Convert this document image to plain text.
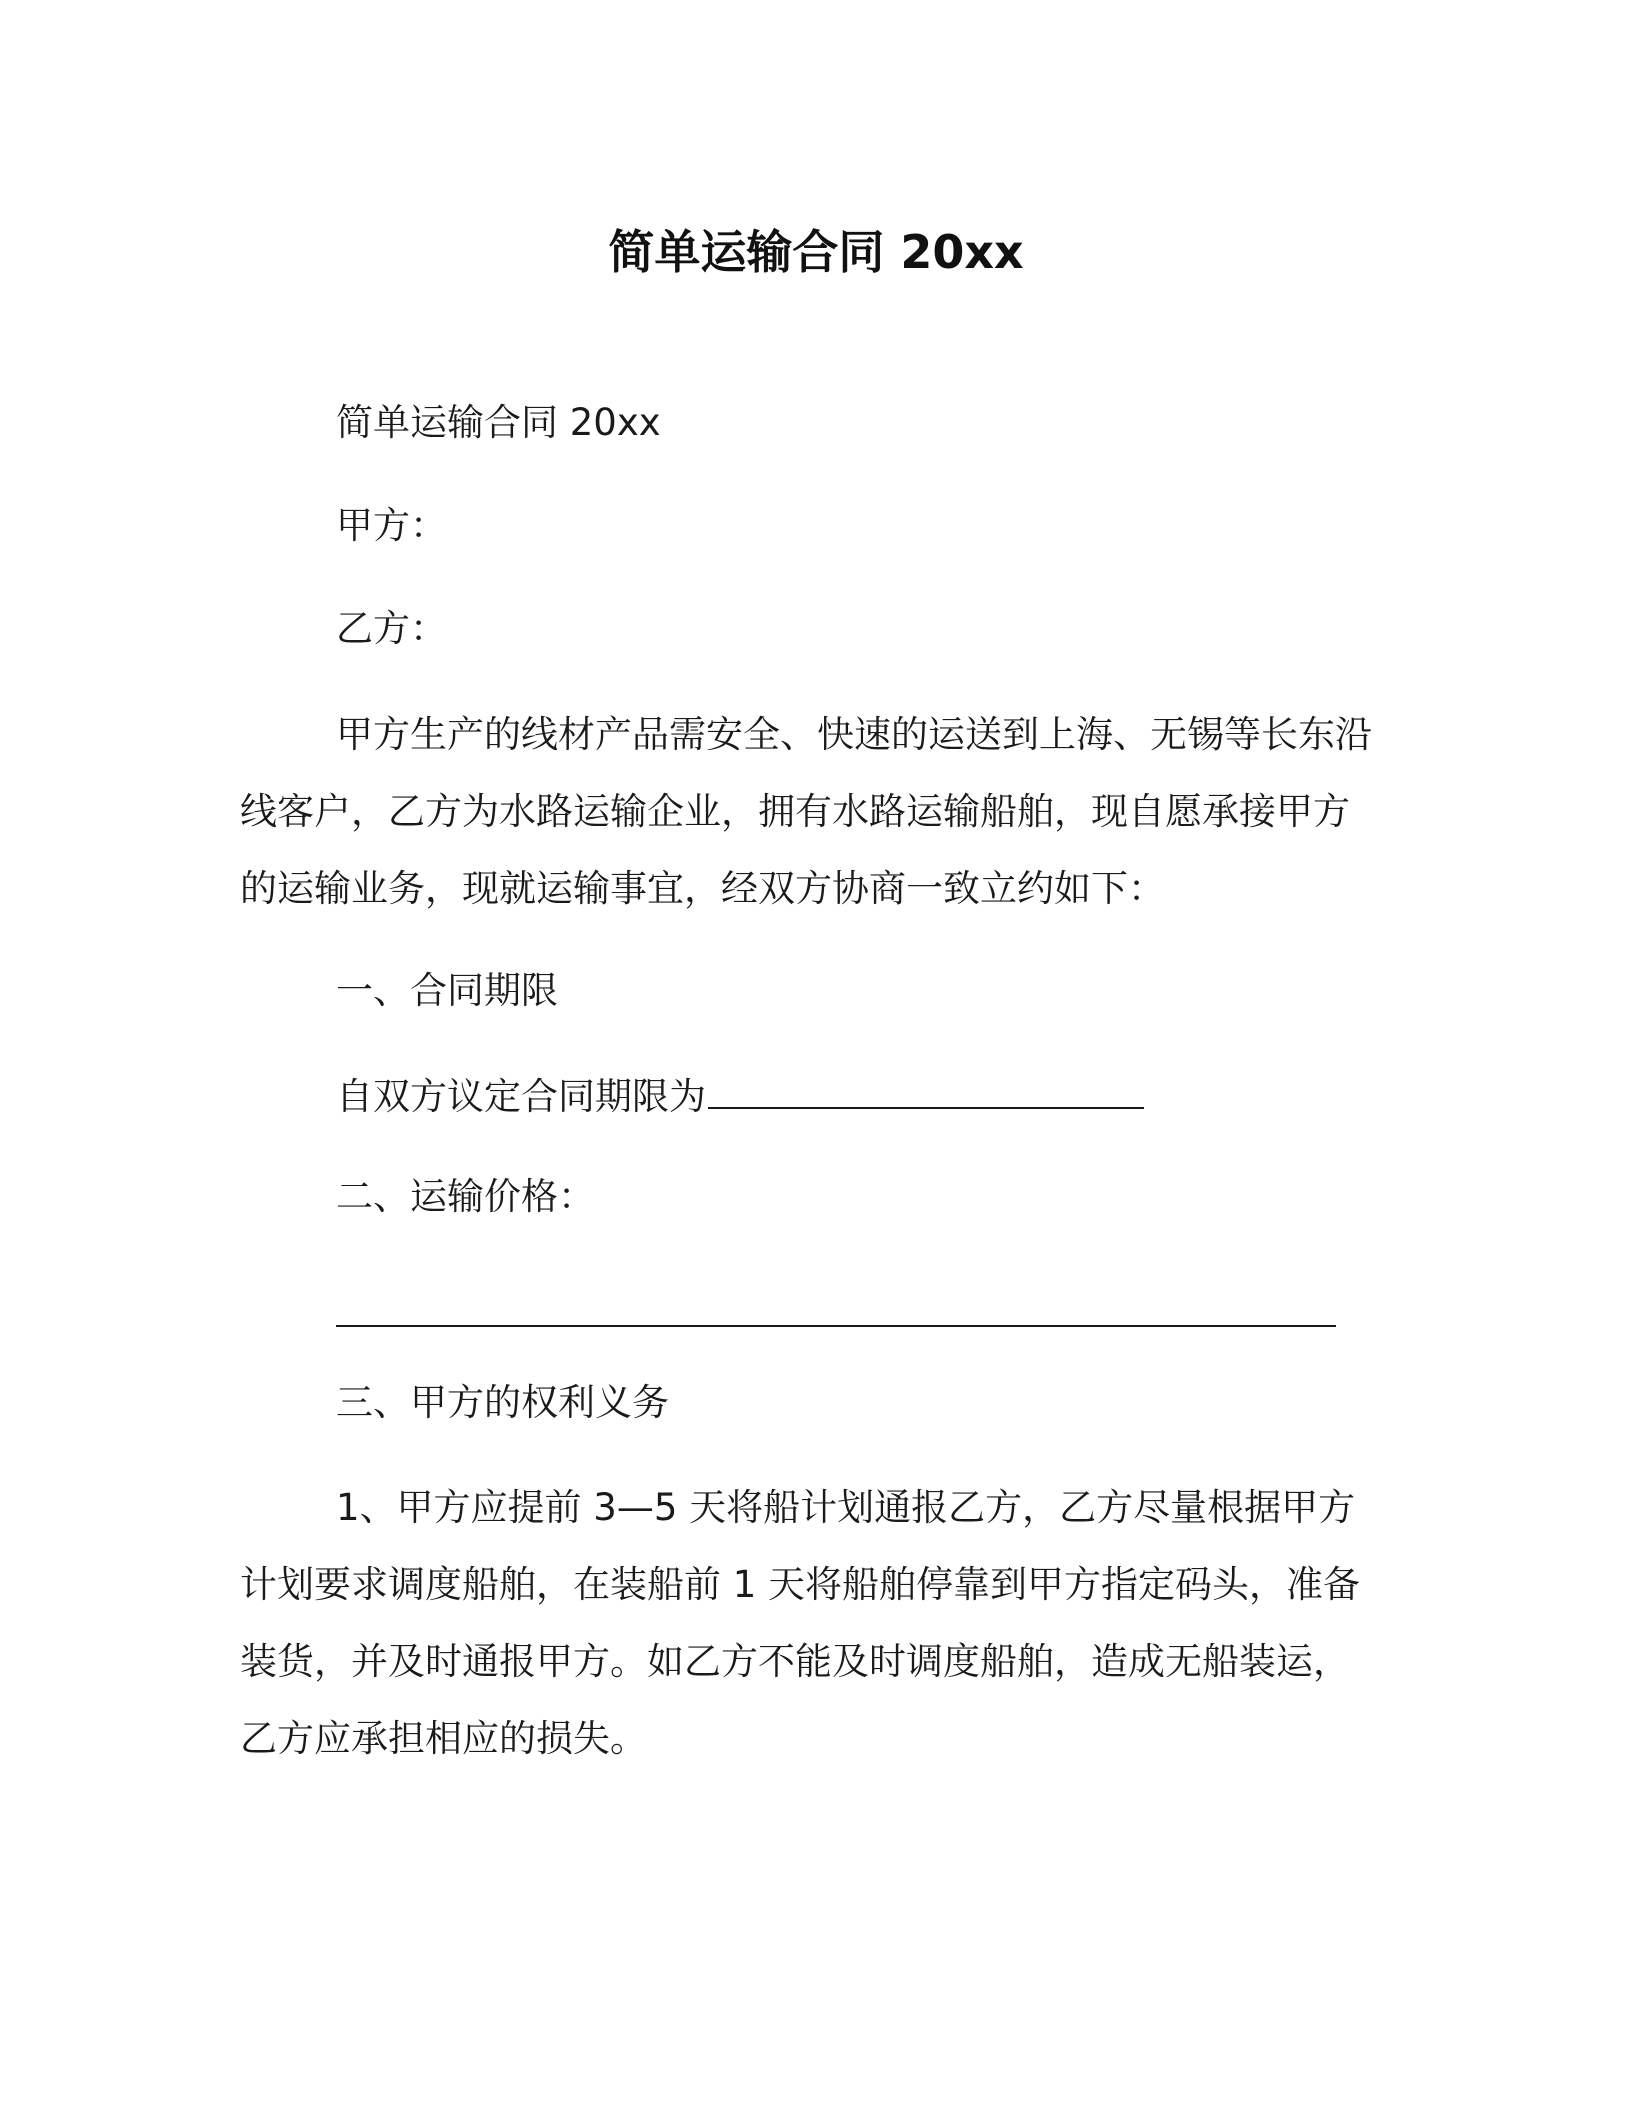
简单运输合同 20xx
简单运输合同 20xx
甲方：
乙方：

甲方生产的线材产品需安全、快速的运送到上海、无锡等长东沿线客户，乙方为水路运输企业，拥有水路运输船舶，现自愿承接甲方的运输业务，现就运输事宜，经双方协商一致立约如下：

一、合同期限
自双方议定合同期限为
二、运输价格：
三、甲方的权利义务

1、甲方应提前 3—5 天将船计划通报乙方，乙方尽量根据甲方计划要求调度船舶，在装船前 1 天将船舶停靠到甲方指定码头，准备装货，并及时通报甲方。如乙方不能及时调度船舶，造成无船装运，乙方应承担相应的损失。
